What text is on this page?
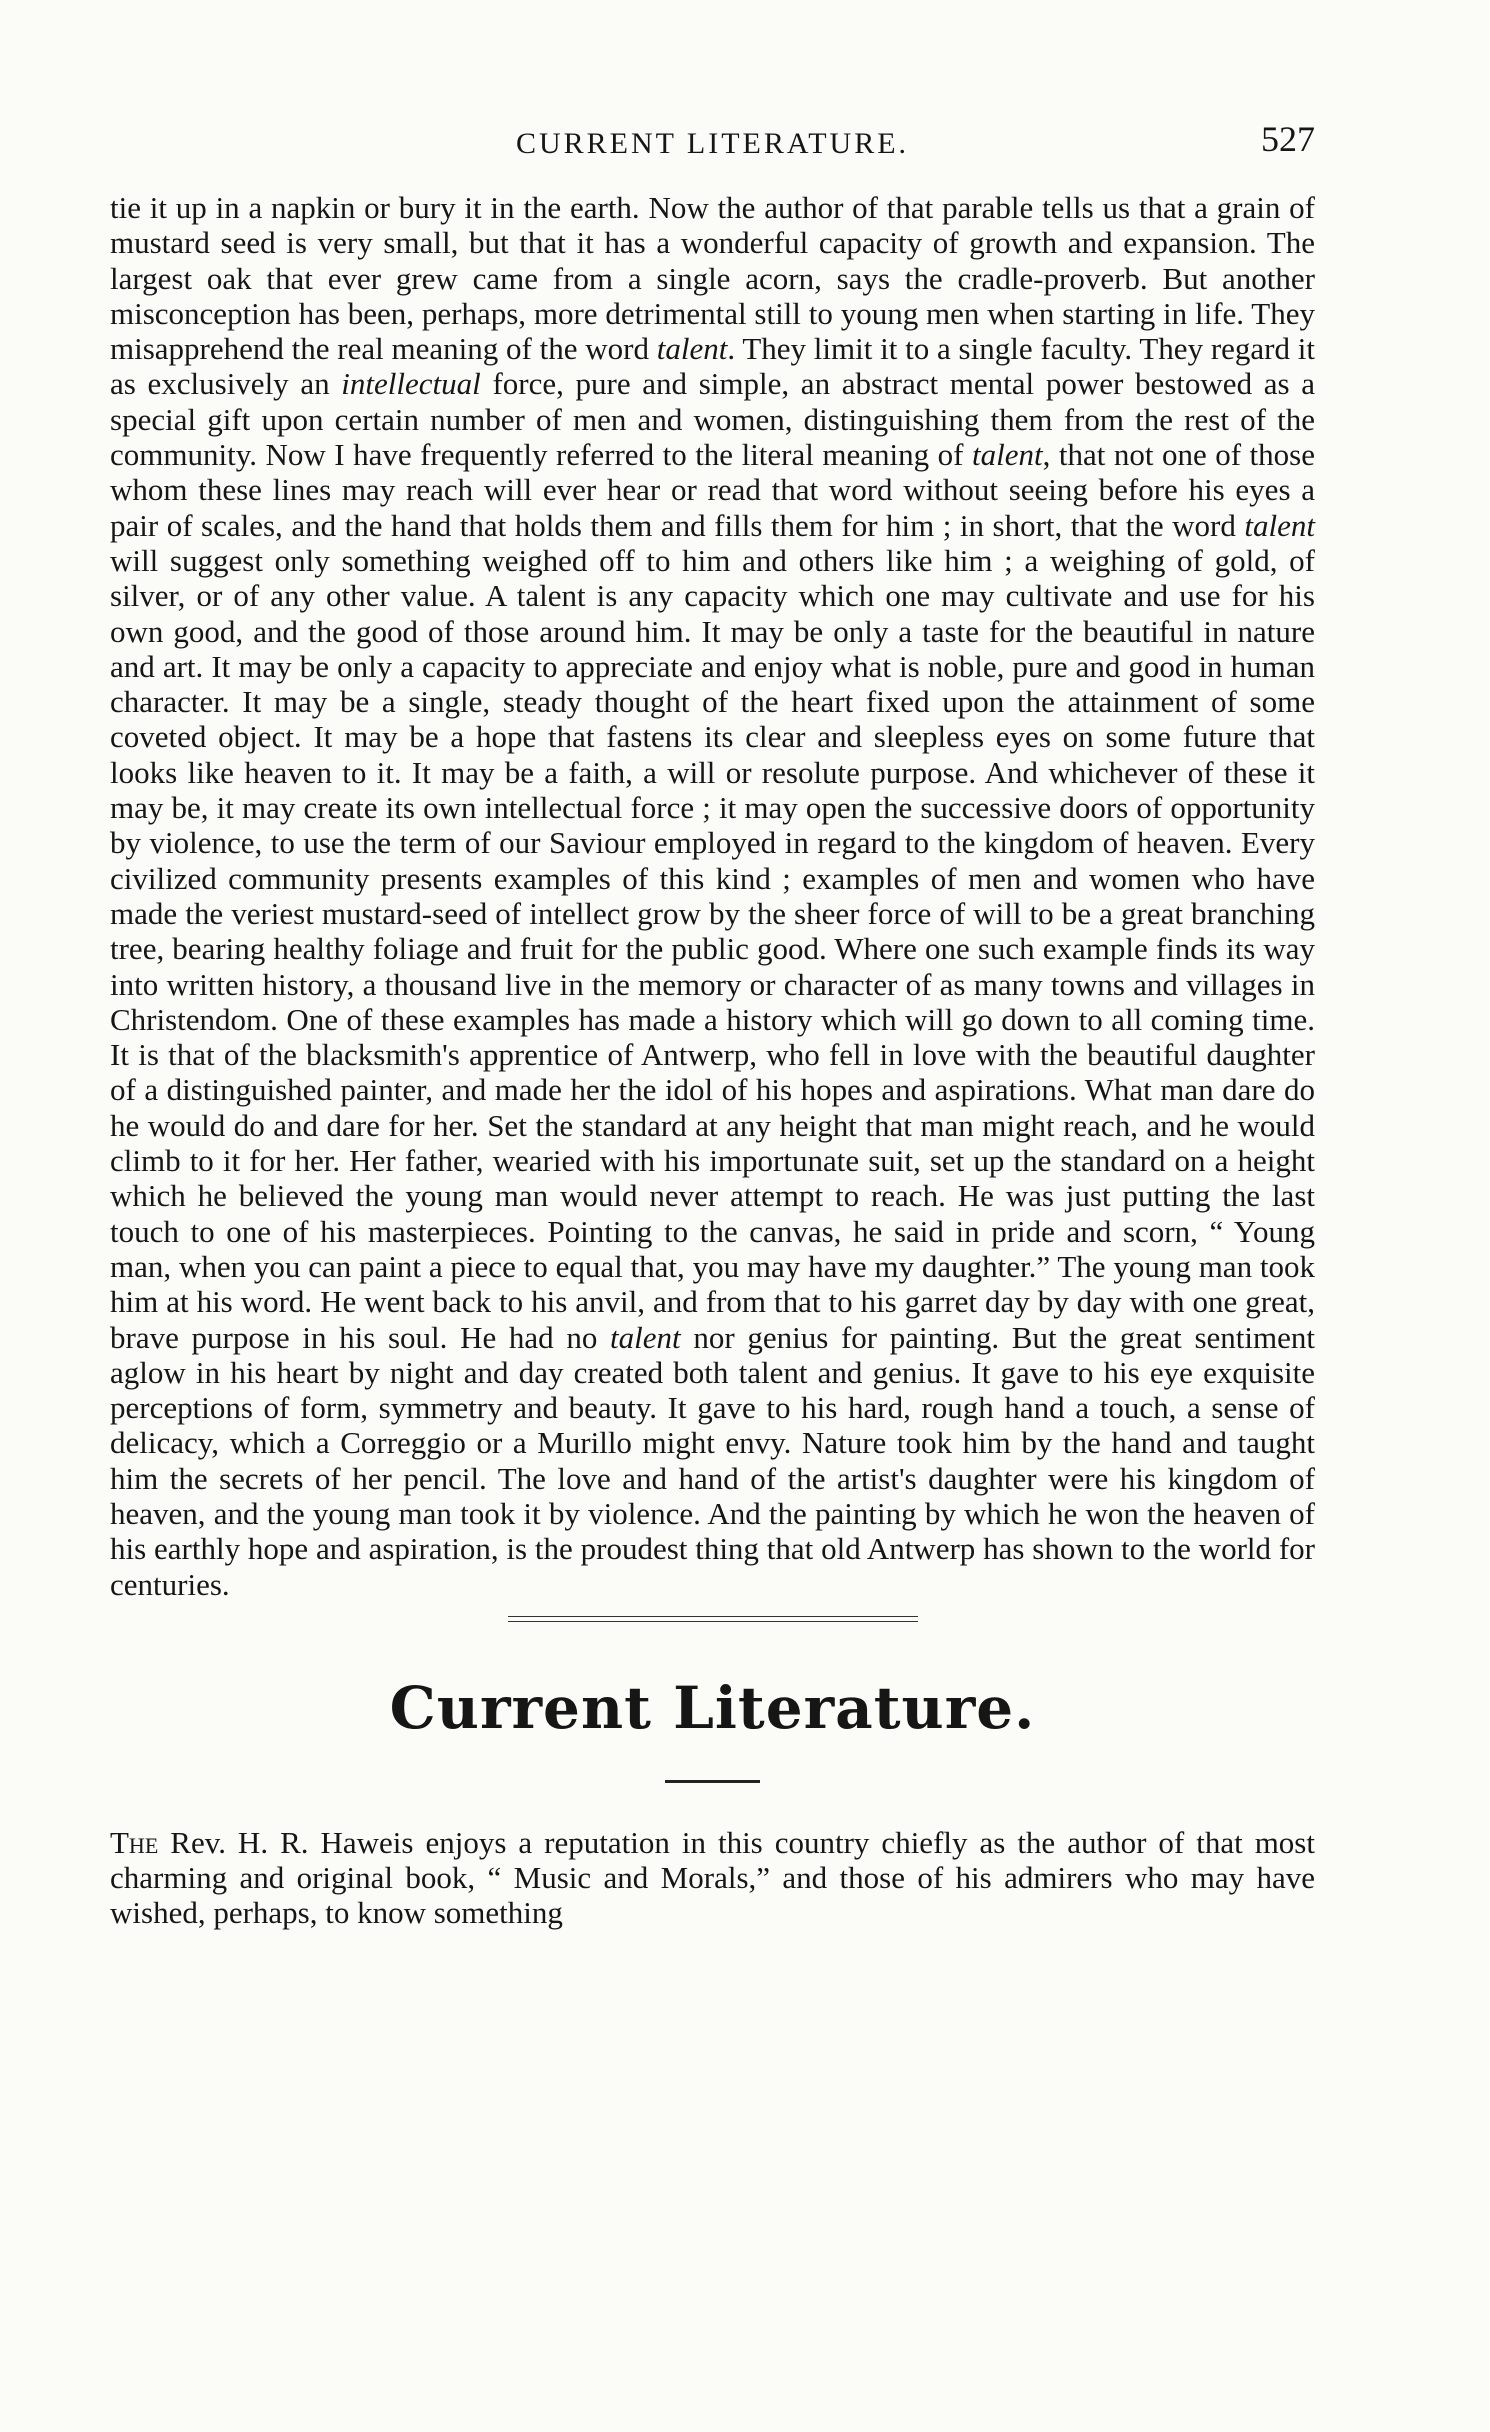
CURRENT LITERATURE.	527

tie it up in a napkin or bury it in the earth. Now the author of that parable tells us that a grain of mustard seed is very small, but that it has a wonderful capacity of growth and expansion. The largest oak that ever grew came from a single acorn, says the cradle-proverb. But another misconception has been, perhaps, more detrimental still to young men when starting in life. They misapprehend the real meaning of the word talent. They limit it to a single faculty. They regard it as exclusively an intellectual force, pure and simple, an abstract mental power bestowed as a special gift upon certain number of men and women, distinguishing them from the rest of the community. Now I have frequently referred to the literal meaning of talent, that not one of those whom these lines may reach will ever hear or read that word without seeing before his eyes a pair of scales, and the hand that holds them and fills them for him ; in short, that the word talent will suggest only something weighed off to him and others like him ; a weighing of gold, of silver, or of any other value. A talent is any capacity which one may cultivate and use for his own good, and the good of those around him. It may be only a taste for the beautiful in nature and art. It may be only a capacity to appreciate and enjoy what is noble, pure and good in human character. It may be a single, steady thought of the heart fixed upon the attainment of some coveted object. It may be a hope that fastens its clear and sleepless eyes on some future that looks like heaven to it. It may be a faith, a will or resolute purpose. And whichever of these it may be, it may create its own intellectual force ; it may open the successive doors of opportunity by violence, to use the term of our Saviour employed in regard to the kingdom of heaven. Every civilized community presents examples of this kind ; examples of men and women who have made the veriest mustard-seed of intellect grow by the sheer force of will to be a great branching tree, bearing healthy foliage and fruit for the public good. Where one such example finds its way into written history, a thousand live in the memory or character of as many towns and villages in Christendom. One of these examples has made a history which will go down to all coming time. It is that of the blacksmith's apprentice of Antwerp, who fell in love with the beautiful daughter of a distinguished painter, and made her the idol of his hopes and aspirations. What man dare do he would do and dare for her. Set the standard at any height that man might reach, and he would climb to it for her. Her father, wearied with his importunate suit, set up the standard on a height which he believed the young man would never attempt to reach. He was just putting the last touch to one of his masterpieces. Pointing to the canvas, he said in pride and scorn, “ Young man, when you can paint a piece to equal that, you may have my daughter.” The young man took him at his word. He went back to his anvil, and from that to his garret day by day with one great, brave purpose in his soul. He had no talent nor genius for painting. But the great sentiment aglow in his heart by night and day created both talent and genius. It gave to his eye exquisite perceptions of form, symmetry and beauty. It gave to his hard, rough hand a touch, a sense of delicacy, which a Correggio or a Murillo might envy. Nature took him by the hand and taught him the secrets of her pencil. The love and hand of the artist's daughter were his kingdom of heaven, and the young man took it by violence. And the painting by which he won the heaven of his earthly hope and aspiration, is the proudest thing that old Antwerp has shown to the world for centuries.

Current Literature.
The Rev. H. R. Haweis enjoys a reputation in this country chiefly as the author of that most charming and original book, “ Music and Morals,” and those of his admirers who may have wished, perhaps, to know something
